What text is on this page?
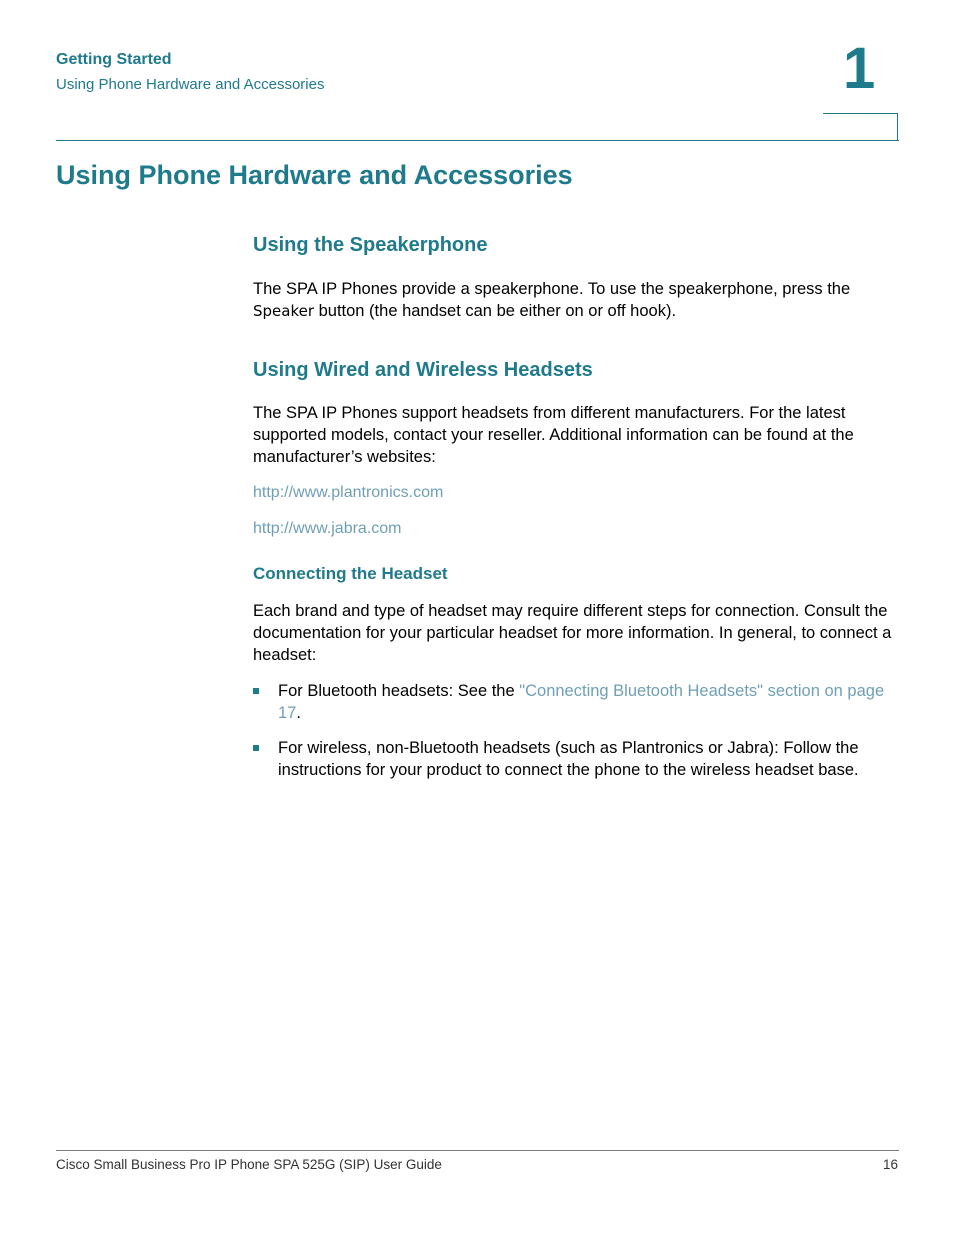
Getting Started
Using Phone Hardware and Accessories	1
Using Phone Hardware and Accessories
Using the Speakerphone

The SPA IP Phones provide a speakerphone. To use the speakerphone, press the Speaker button (the handset can be either on or off hook).

Using Wired and Wireless Headsets

The SPA IP Phones support headsets from different manufacturers. For the latest supported models, contact your reseller. Additional information can be found at the manufacturer’s websites:

http://www.plantronics.com
http://www.jabra.com
Connecting the Headset

Each brand and type of headset may require different steps for connection. Consult the documentation for your particular headset for more information. In general, to connect a headset:

For Bluetooth headsets: See the "Connecting Bluetooth Headsets" section on page 17.
For wireless, non-Bluetooth headsets (such as Plantronics or Jabra): Follow the instructions for your product to connect the phone to the wireless headset base.
Cisco Small Business Pro IP Phone SPA 525G (SIP) User Guide	16
